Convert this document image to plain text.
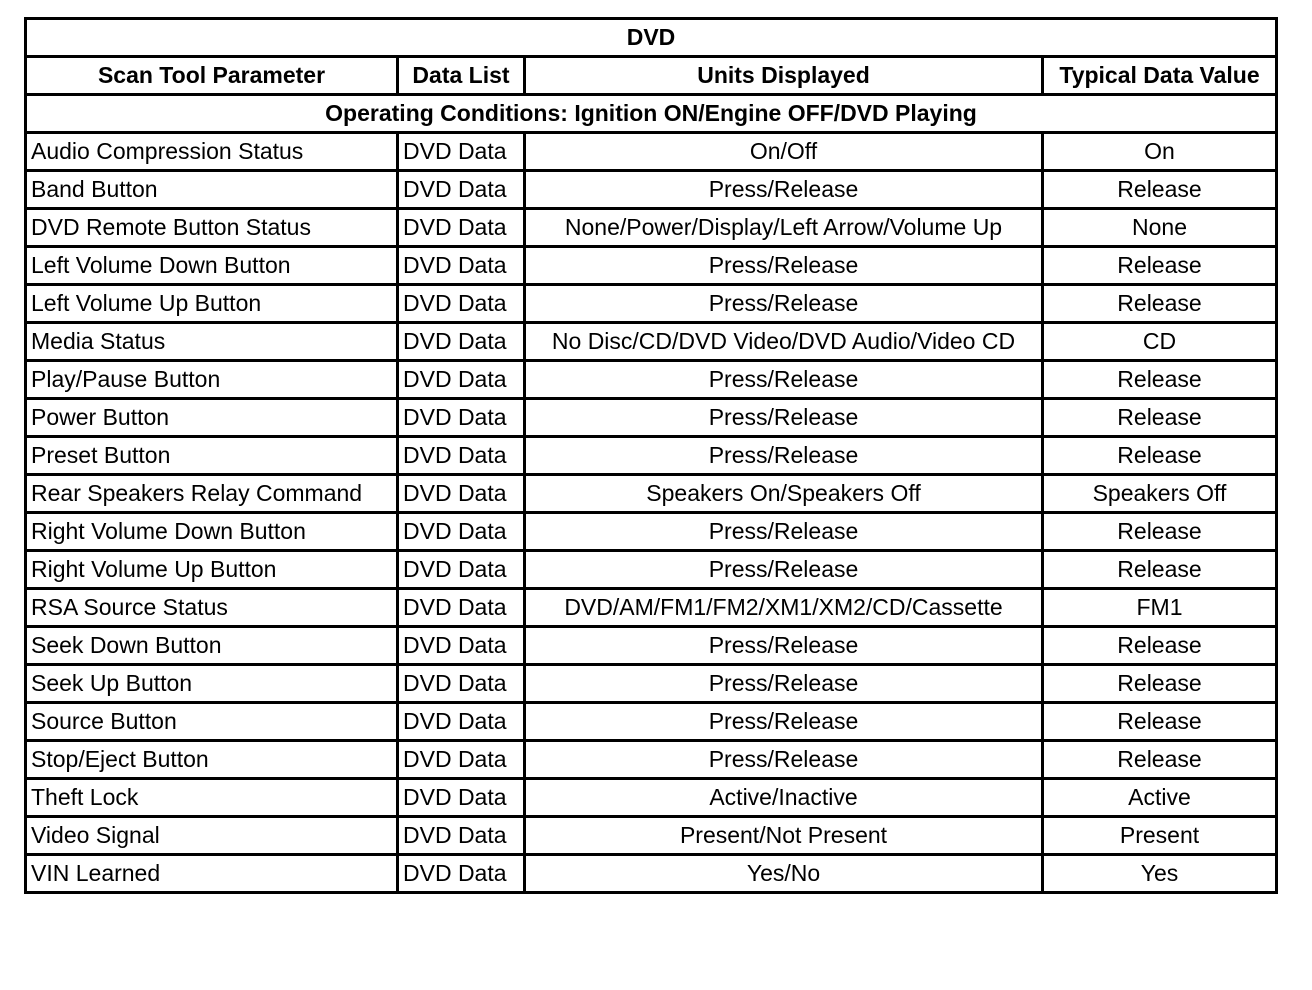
DVD			
Scan Tool Parameter	Data List	Units Displayed	Typical Data Value
Operating Conditions: Ignition ON/Engine OFF/DVD Playing			
Audio Compression Status	DVD Data	On/Off	On
Band Button	DVD Data	Press/Release	Release
DVD Remote Button Status	DVD Data	None/Power/Display/Left Arrow/Volume Up	None
Left Volume Down Button	DVD Data	Press/Release	Release
Left Volume Up Button	DVD Data	Press/Release	Release
Media Status	DVD Data	No Disc/CD/DVD Video/DVD Audio/Video CD	CD
Play/Pause Button	DVD Data	Press/Release	Release
Power Button	DVD Data	Press/Release	Release
Preset Button	DVD Data	Press/Release	Release
Rear Speakers Relay Command	DVD Data	Speakers On/Speakers Off	Speakers Off
Right Volume Down Button	DVD Data	Press/Release	Release
Right Volume Up Button	DVD Data	Press/Release	Release
RSA Source Status	DVD Data	DVD/AM/FM1/FM2/XM1/XM2/CD/Cassette	FM1
Seek Down Button	DVD Data	Press/Release	Release
Seek Up Button	DVD Data	Press/Release	Release
Source Button	DVD Data	Press/Release	Release
Stop/Eject Button	DVD Data	Press/Release	Release
Theft Lock	DVD Data	Active/Inactive	Active
Video Signal	DVD Data	Present/Not Present	Present
VIN Learned	DVD Data	Yes/No	Yes
